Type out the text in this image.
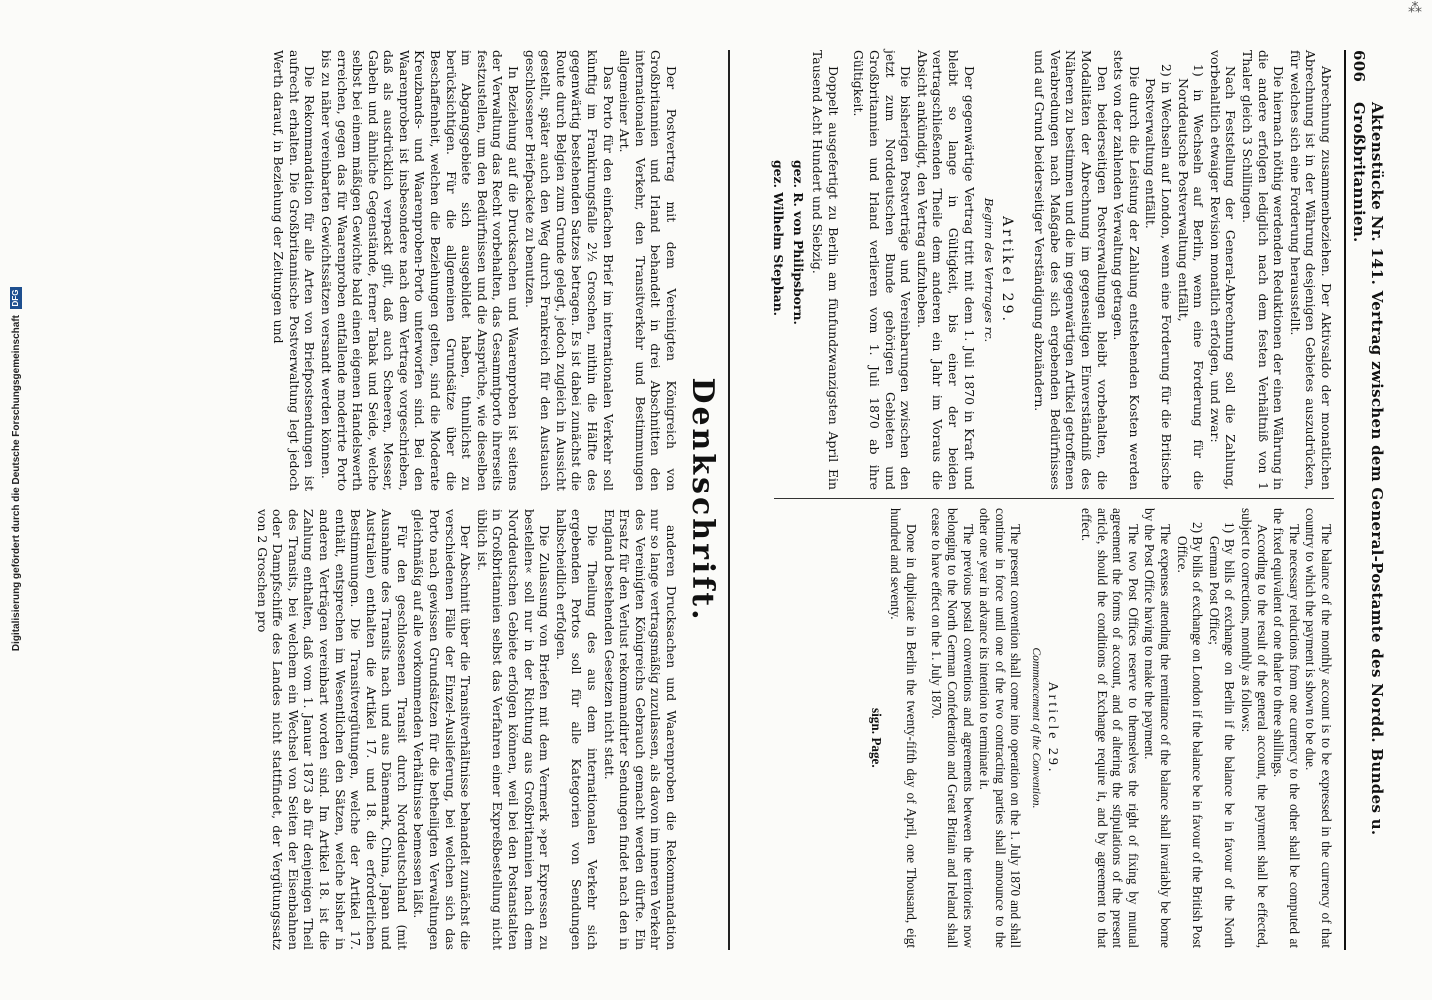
⁂
606
Aktenstücke Nr. 141. Vertrag zwischen dem General-Postamte des Nordd. Bundes u. Großbritannien.

Abrechnung zusammenbeziehen. Der Aktivsaldo der monatlichen Abrechnung ist in der Währung desjenigen Gebietes auszudrücken, für welches sich eine Forderung herausstellt.

Die hiernach nöthig werdenden Reduktionen der einen Währung in die andere erfolgen lediglich nach dem festen Verhältniß von 1 Thaler gleich 3 Schillingen.

Nach Feststellung der General-Abrechnung soll die Zahlung, vorbehaltlich etwaiger Revision monatlich erfolgen, und zwar:

1) in Wechseln auf Berlin, wenn eine Forderung für die Norddeutsche Postverwaltung entfällt,

2) in Wechseln auf London, wenn eine Forderung für die Britische Postverwaltung entfällt.

Die durch die Leistung der Zahlung entstehenden Kosten werden stets von der zahlenden Verwaltung getragen.

Den beiderseitigen Postverwaltungen bleibt vorbehalten, die Modalitäten der Abrechnung im gegenseitigen Einverständniß des Näheren zu bestimmen und die im gegenwärtigen Artikel getroffenen Verabredungen nach Maßgabe des sich ergebenden Bedürfnisses und auf Grund beiderseitiger Verständigung abzuändern.

Artikel 29.

Beginn des Vertrages rc.

Der gegenwärtige Vertrag tritt mit dem 1. Juli 1870 in Kraft und bleibt so lange in Gültigkeit, bis einer der beiden vertragschließenden Theile dem anderen ein Jahr im Voraus die Absicht ankündigt, den Vertrag aufzuheben.

Die bisherigen Postverträge und Vereinbarungen zwischen den jetzt zum Norddeutschen Bunde gehörigen Gebieten und Großbritannien und Irland verlieren vom 1. Juli 1870 ab ihre Gültigkeit.

Doppelt ausgefertigt zu Berlin am fünfundzwanzigsten April Ein Tausend Acht Hundert und Siebzig.

gez. R. von Philipsborn.

gez. Wilhelm Stephan.

The balance of the monthly account is to be expressed in the currency of that country to which the payment is shown to be due.

The necessary reductions from one currency to the other shall be computed at the fixed equivalent of one thaler to three shillings.

According to the result of the general account, the payment shall be effected, subject to corrections, monthly as follows:

1) By bills of exchange on Berlin if the balance be in favour of the North German Post Office;

2) By bills of exchange on London if the balance be in favour of the British Post Office.

The expenses attending the remittance of the balance shall invariably be borne by the Post Office having to make the payment.

The two Post Offices reserve to themselves the right of fixing by mutual agreement the forms of account, and of altering the stipulations of the present article, should the conditions of Exchange require it, and by agreement to that effect.

Article 29.

Commencement of the Convention.

The present convention shall come into operation on the 1. July 1870 and shall continue in force until one of the two contracting parties shall announce to the other one year in advance its intention to terminate it.

The previous postal conventions and agreements between the territories now belonging to the North German Confederation and Great Britain and Ireland shall cease to have effect on the 1. July 1870.

Done in duplicate in Berlin the twenty-fifth day of April, one Thousand, eigt hundred and seventy.

sign. Page.

Denkschrift.

Der Postvertrag mit dem Vereinigten Königreich von Großbritannien und Irland behandelt in drei Abschnitten den internationalen Verkehr, den Transitverkehr und Bestimmungen allgemeiner Art.

Das Porto für den einfachen Brief im internationalen Verkehr soll künftig im Frankirungsfalle 2½ Groschen, mithin die Hälfte des gegenwärtig bestehenden Satzes betragen. Es ist dabei zunächst die Route durch Belgien zum Grunde gelegt, jedoch zugleich in Aussicht gestellt, später auch den Weg durch Frankreich für den Austausch geschlossener Briefpackete zu benutzen.

In Beziehung auf die Drucksachen und Waarenproben ist seitens der Verwaltung das Recht vorbehalten, das Gesammtporto ihrerseits festzustellen, um den Bedürfnissen und die Ansprüche, wie dieselben im Abgangsgebiete sich ausgebildet haben, thunlichst zu berücksichtigen. Für die allgemeinen Grundsätze über die Beschaffenheit, welchen die Beziehungen gelten, sind die Moderate Kreuzbands- und Waarenproben-Porto unterworfen sind. Bei den Waarenproben ist insbesondere nach dem Vertrage vorgeschrieben, daß als ausdrücklich verpackt gilt, daß auch Scheeren, Messer, Gabeln und ähnliche Gegenstände, ferner Tabak und Seide, welche selbst bei einem mäßigen Gewichte bald einen eigenen Handelswerth erreichen, gegen das für Waarenproben entfallende moderirte Porto bis zu näher vereinbarten Gewichtssätzen versandt werden können.

Die Rekommandation für alle Arten von Briefpostsendungen ist aufrecht erhalten. Die Großbritannische Postverwaltung legt jedoch Werth darauf, in Beziehung der Zeitungen und

anderen Drucksachen und Waarenproben die Rekommandation nur so lange vertragsmäßig zuzulassen, als davon im inneren Verkehr des Vereinigten Königreichs Gebrauch gemacht werden dürfte. Ein Ersatz für den Verlust rekommandirter Sendungen findet nach den in England bestehenden Gesetzen nicht statt.

Die Theilung des aus dem internationalen Verkehr sich ergebenden Portos soll für alle Kategorien von Sendungen halbscheidlich erfolgen.

Die Zulassung von Briefen mit dem Vermerk »per Expressen zu bestellen« soll nur in der Richtung aus Großbritannien nach dem Norddeutschen Gebiete erfolgen können, weil bei den Postanstalten in Großbritannien selbst das Verfahren einer Expreßbestellung nicht üblich ist.

Der Abschnitt über die Transitverhältnisse behandelt zunächst die verschiedenen Fälle der Einzel-Auslieferung, bei welchen sich das Porto nach gewissen Grundsätzen für die betheiligten Verwaltungen gleichmäßig auf alle vorkommenden Verhältnisse bemessen läßt.

Für den geschlossenen Transit durch Norddeutschland (mit Ausnahme des Transits nach und aus Dänemark, China, Japan und Australien) enthalten die Artikel 17. und 18. die erforderlichen Bestimmungen. Die Transitvergütungen, welche der Artikel 17. enthält, entsprechen im Wesentlichen den Sätzen, welche bisher in anderen Verträgen vereinbart worden sind. Im Artikel 18. ist die Zahlung enthalten, daß vom 1. Januar 1873 ab für denjenigen Theil des Transits, bei welchem ein Wechsel von Seiten der Eisenbahnen oder Dampfschiffe des Landes nicht stattfindet, der Vergütungssatz von 2 Groschen pro

Digitalisierung gefördert durch die Deutsche Forschungsgemeinschaft
DFG
